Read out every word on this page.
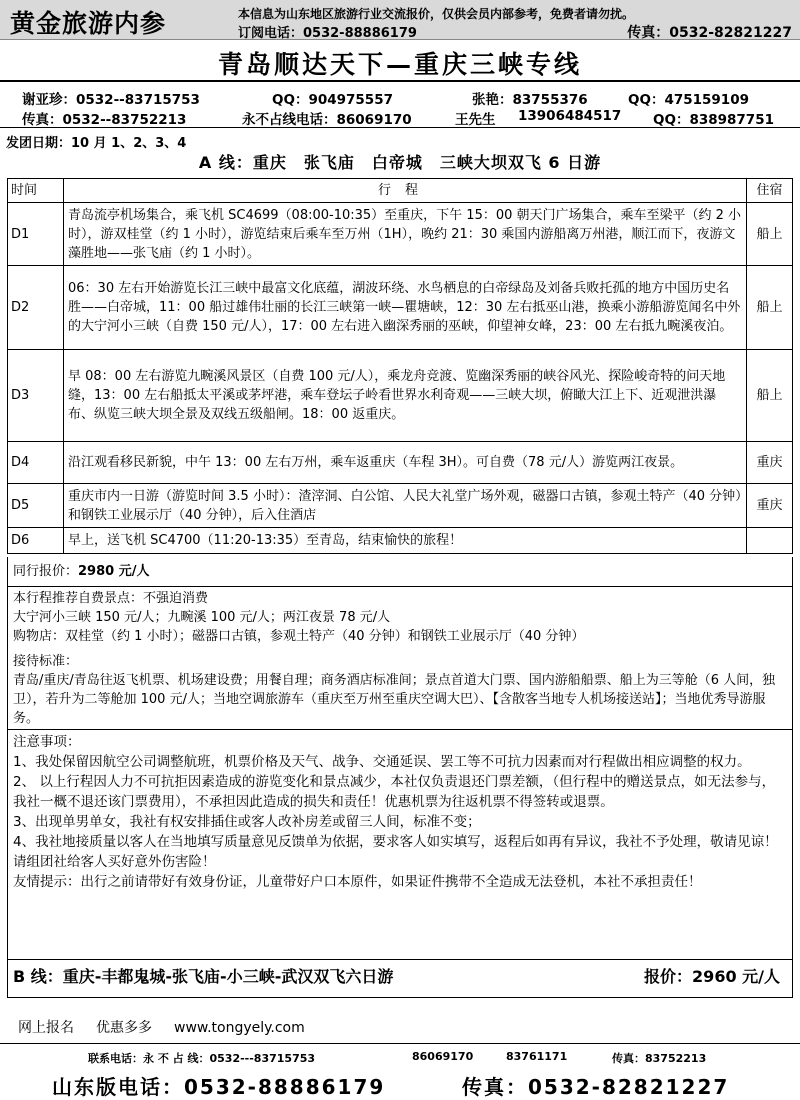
黄金旅游内参	本信息为山东地区旅游行业交流报价，仅供会员内部参考，免费者请勿扰。
订阅电话：0532-88886179	传真：0532-82821227
青岛顺达天下—重庆三峡专线
谢亚珍：0532--83715753	QQ：904975557	张艳：83755376	QQ：475159109
传真：0532--83752213	永不占线电话：86069170	王先生 13906484517 QQ：838987751
发团日期：10 月 1、2、3、4
A 线：重庆　张飞庙　白帝城　三峡大坝双飞 6 日游
时间	行程	住宿
D1	青岛流亭机场集合，乘飞机 SC4699（08:00-10:35）至重庆，下午 15：00 朝天门广场集合，乘车至梁平（约 2 小时），游双桂堂（约 1 小时），游览结束后乘车至万州（1H），晚约 21：30 乘国内游船离万州港，顺江而下，夜游文藻胜地——张飞庙（约 1 小时）。	船上
D2	06：30 左右开始游览长江三峡中最富文化底蕴，湖波环绕、水鸟栖息的白帝绿岛及刘备兵败托孤的地方中国历史名胜——白帝城，11：00 船过雄伟壮丽的长江三峡第一峡—瞿塘峡，12：30 左右抵巫山港，换乘小游船游览闻名中外的大宁河小三峡（自费 150 元/人），17：00 左右进入幽深秀丽的巫峡，仰望神女峰，23：00 左右抵九畹溪夜泊。	船上
D3	早 08：00 左右游览九畹溪风景区（自费 100 元/人），乘龙舟竞渡、览幽深秀丽的峡谷风光、探险峻奇特的问天地缝，13：00 左右船抵太平溪或茅坪港，乘车登坛子岭看世界水利奇观——三峡大坝，俯瞰大江上下、近观泄洪瀑布、纵览三峡大坝全景及双线五级船闸。18：00 返重庆。	船上
D4	沿江观看移民新貌，中午 13：00 左右万州，乘车返重庆（车程 3H）。可自费（78 元/人）游览两江夜景。	重庆
D5	重庆市内一日游（游览时间 3.5 小时）：渣滓洞、白公馆、人民大礼堂广场外观，磁器口古镇，参观土特产（40 分钟）和钢铁工业展示厅（40 分钟），后入住酒店	重庆
D6	早上，送飞机 SC4700（11:20-13:35）至青岛，结束愉快的旅程！	
同行报价：2980 元/人
本行程推荐自费景点：不强迫消费
大宁河小三峡 150 元/人；九畹溪 100 元/人；两江夜景 78 元/人
购物店：双桂堂（约 1 小时）；磁器口古镇，参观土特产（40 分钟）和钢铁工业展示厅（40 分钟）
接待标准：
青岛/重庆/青岛往返飞机票、机场建设费；用餐自理；商务酒店标准间；景点首道大门票、国内游船船票、船上为三等舱（6 人间，独卫），若升为二等舱加 100 元/人；当地空调旅游车（重庆至万州至重庆空调大巴）、【含散客当地专人机场接送站】；当地优秀导游服务。
注意事项：
1、我处保留因航空公司调整航班，机票价格及天气、战争、交通延误、罢工等不可抗力因素而对行程做出相应调整的权力。
2、 以上行程因人力不可抗拒因素造成的游览变化和景点减少，本社仅负责退还门票差额，（但行程中的赠送景点，如无法参与，我社一概不退还该门票费用），不承担因此造成的损失和责任！优惠机票为往返机票不得签转或退票。
3、出现单男单女，我社有权安排插住或客人改补房差或留三人间，标准不变；
4、我社地接质量以客人在当地填写质量意见反馈单为依据，要求客人如实填写，返程后如再有异议，我社不予处理，敬请见谅！请组团社给客人买好意外伤害险！
友情提示：出行之前请带好有效身份证，儿童带好户口本原件，如果证件携带不全造成无法登机，本社不承担责任！
B 线：重庆-丰都鬼城-张飞庙-小三峡-武汉双飞六日游	报价：2960 元/人
网上报名 优惠多多 www.tongyely.com
联系电话：永 不 占 线：0532---83715753	86069170	83761171	传真：83752213
山东版电话：0532-88886179	传真：0532-82821227
